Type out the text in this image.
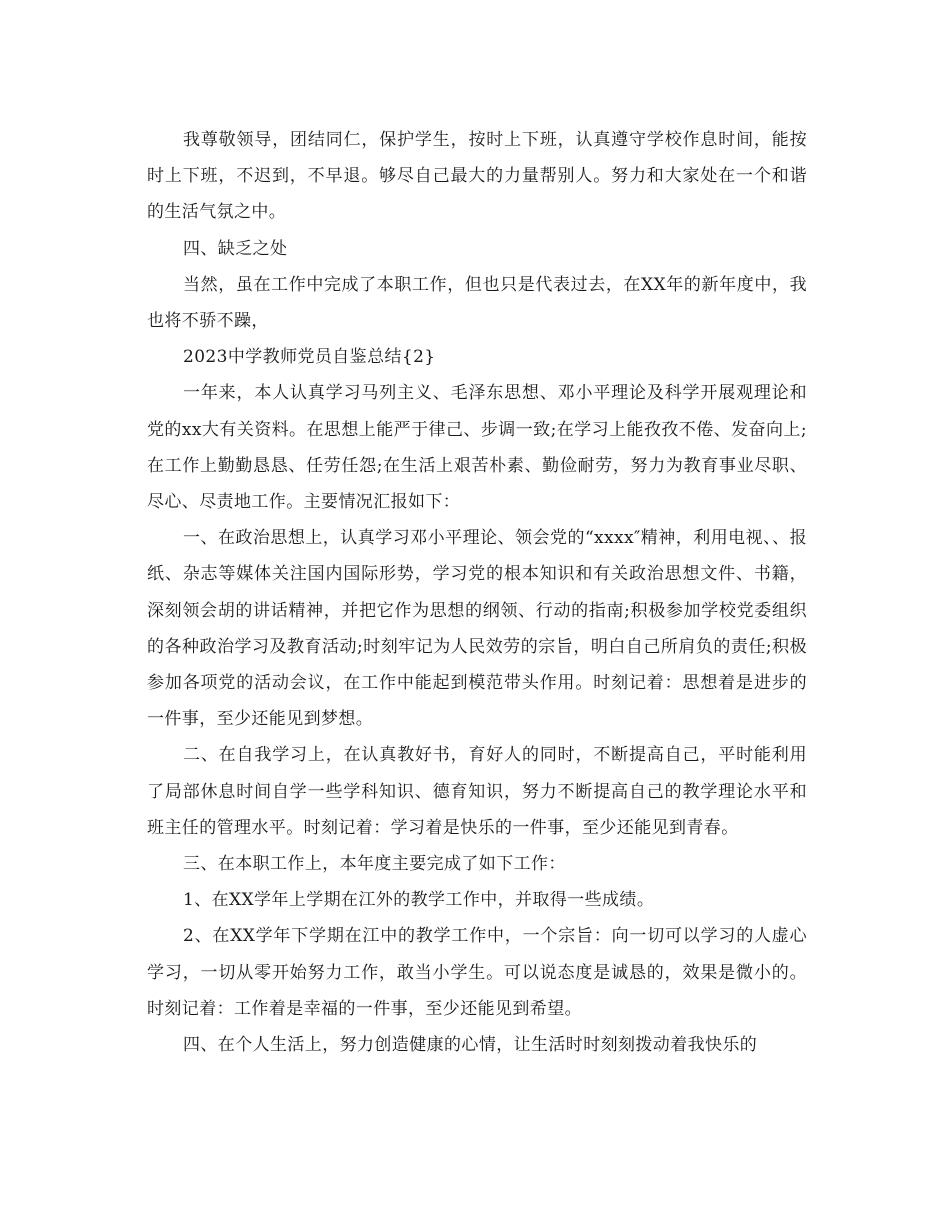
我尊敬领导，团结同仁，保护学生，按时上下班，认真遵守学校作息时间，能按时上下班，不迟到，不早退。够尽自己最大的力量帮别人。努力和大家处在一个和谐的生活气氛之中。

四、缺乏之处

当然，虽在工作中完成了本职工作，但也只是代表过去，在XX年的新年度中，我也将不骄不躁，

2023中学教师党员自鉴总结{2}

一年来，本人认真学习马列主义、毛泽东思想、邓小平理论及科学开展观理论和党的xx大有关资料。在思想上能严于律己、步调一致;在学习上能孜孜不倦、发奋向上;在工作上勤勤恳恳、任劳任怨;在生活上艰苦朴素、勤俭耐劳，努力为教育事业尽职、尽心、尽责地工作。主要情况汇报如下：

一、在政治思想上，认真学习邓小平理论、领会党的“xxxx″精神，利用电视、、报纸、杂志等媒体关注国内国际形势，学习党的根本知识和有关政治思想文件、书籍，深刻领会胡的讲话精神，并把它作为思想的纲领、行动的指南;积极参加学校党委组织的各种政治学习及教育活动;时刻牢记为人民效劳的宗旨，明白自己所肩负的责任;积极参加各项党的活动会议，在工作中能起到模范带头作用。时刻记着：思想着是进步的一件事，至少还能见到梦想。

二、在自我学习上，在认真教好书，育好人的同时，不断提高自己，平时能利用了局部休息时间自学一些学科知识、德育知识，努力不断提高自己的教学理论水平和班主任的管理水平。时刻记着：学习着是快乐的一件事，至少还能见到青春。

三、在本职工作上，本年度主要完成了如下工作：

1、在XX学年上学期在江外的教学工作中，并取得一些成绩。

2、在XX学年下学期在江中的教学工作中，一个宗旨：向一切可以学习的人虚心学习，一切从零开始努力工作，敢当小学生。可以说态度是诚恳的，效果是微小的。时刻记着：工作着是幸福的一件事，至少还能见到希望。

四、在个人生活上，努力创造健康的心情，让生活时时刻刻拨动着我快乐的
